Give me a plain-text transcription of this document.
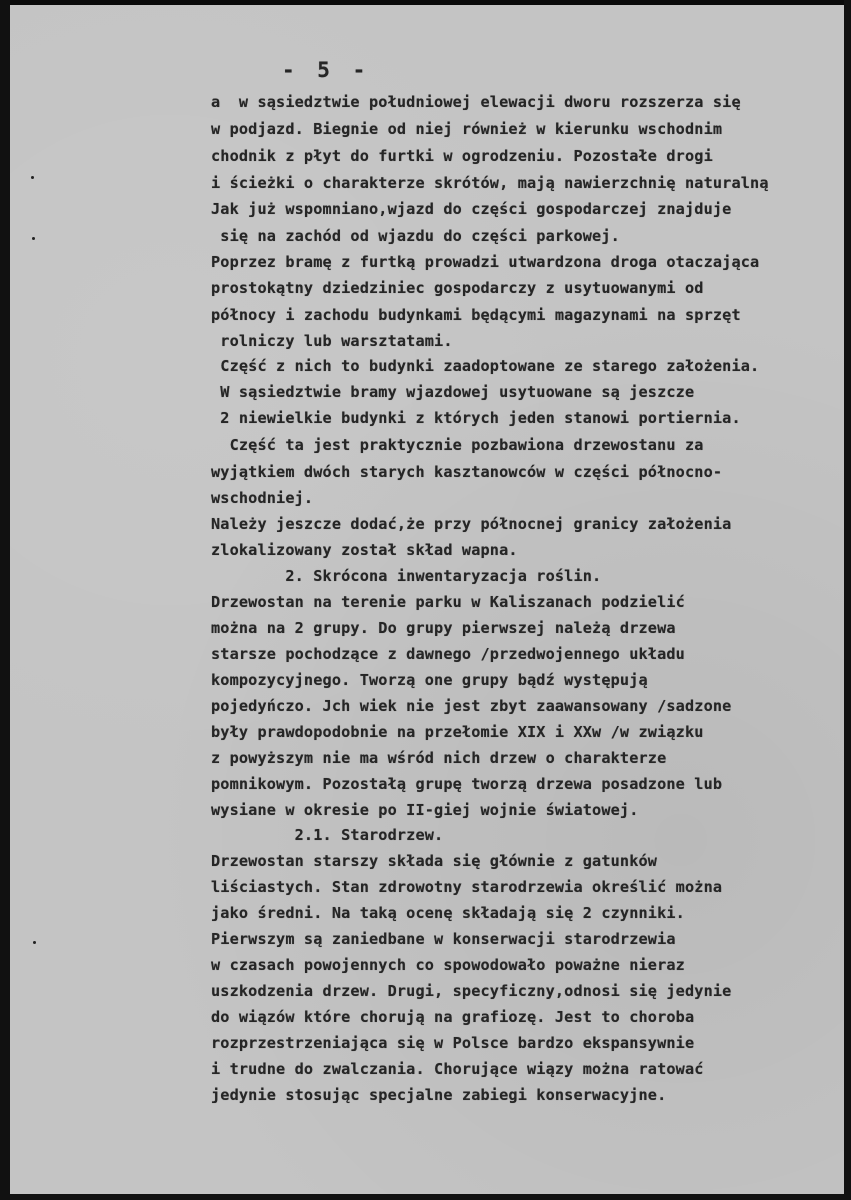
- 5 -
a  w sąsiedztwie południowej elewacji dworu rozszerza się
w podjazd. Biegnie od niej również w kierunku wschodnim
chodnik z płyt do furtki w ogrodzeniu. Pozostałe drogi
i ścieżki o charakterze skrótów, mają nawierzchnię naturalną
Jak już wspomniano,wjazd do części gospodarczej znajduje
się na zachód od wjazdu do części parkowej.
Poprzez bramę z furtką prowadzi utwardzona droga otaczająca
prostokątny dziedziniec gospodarczy z usytuowanymi od
północy i zachodu budynkami będącymi magazynami na sprzęt
rolniczy lub warsztatami.
Część z nich to budynki zaadoptowane ze starego założenia.
W sąsiedztwie bramy wjazdowej usytuowane są jeszcze
2 niewielkie budynki z których jeden stanowi portiernia.
Część ta jest praktycznie pozbawiona drzewostanu za
wyjątkiem dwóch starych kasztanowców w części północno-
wschodniej.
Należy jeszcze dodać,że przy północnej granicy założenia
zlokalizowany został skład wapna.
2. Skrócona inwentaryzacja roślin.
Drzewostan na terenie parku w Kaliszanach podzielić
można na 2 grupy. Do grupy pierwszej należą drzewa
starsze pochodzące z dawnego /przedwojennego układu
kompozycyjnego. Tworzą one grupy bądź występują
pojedyńczo. Jch wiek nie jest zbyt zaawansowany /sadzone
były prawdopodobnie na przełomie XIX i XXw /w związku
z powyższym nie ma wśród nich drzew o charakterze
pomnikowym. Pozostałą grupę tworzą drzewa posadzone lub
wysiane w okresie po II-giej wojnie światowej.
2.1. Starodrzew.
Drzewostan starszy składa się głównie z gatunków
liściastych. Stan zdrowotny starodrzewia określić można
jako średni. Na taką ocenę składają się 2 czynniki.
Pierwszym są zaniedbane w konserwacji starodrzewia
w czasach powojennych co spowodowało poważne nieraz
uszkodzenia drzew. Drugi, specyficzny,odnosi się jedynie
do wiązów które chorują na grafiozę. Jest to choroba
rozprzestrzeniająca się w Polsce bardzo ekspansywnie
i trudne do zwalczania. Chorujące wiązy można ratować
jedynie stosując specjalne zabiegi konserwacyjne.
